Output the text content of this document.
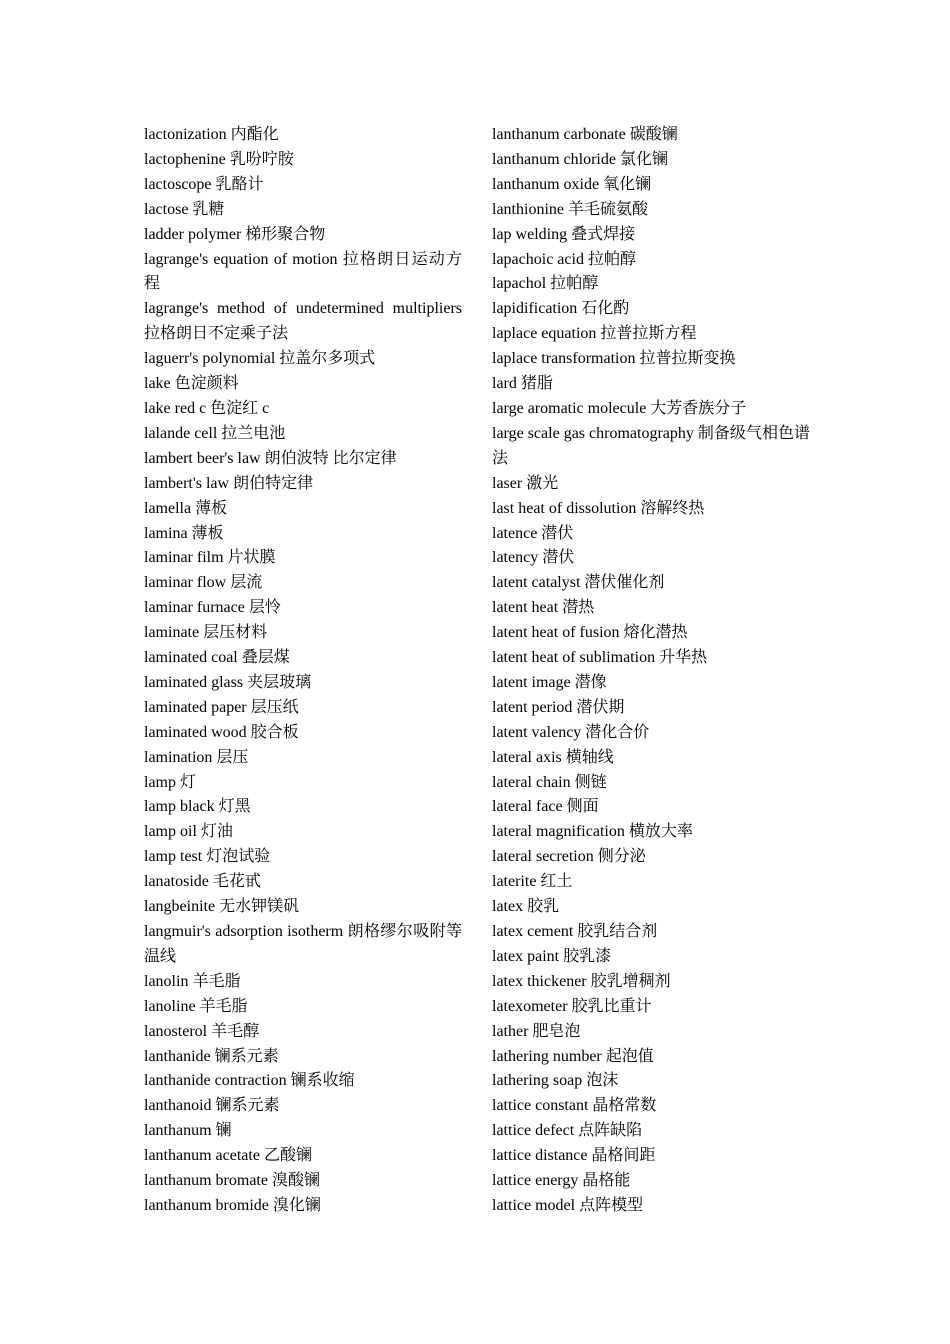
lactonization 内酯化
lactophenine 乳吩咛胺
lactoscope 乳酪计
lactose 乳糖
ladder polymer 梯形聚合物
lagrange's equation of motion 拉格朗日运动方程
lagrange's method of undetermined multipliers 拉格朗日不定乘子法
laguerr's polynomial 拉盖尔多项式
lake 色淀颜料
lake red c 色淀红 c
lalande cell 拉兰电池
lambert beer's law 朗伯波特 比尔定律
lambert's law 朗伯特定律
lamella 薄板
lamina 薄板
laminar film 片状膜
laminar flow 层流
laminar furnace 层怜
laminate 层压材料
laminated coal 叠层煤
laminated glass 夹层玻璃
laminated paper 层压纸
laminated wood 胶合板
lamination 层压
lamp 灯
lamp black 灯黑
lamp oil 灯油
lamp test 灯泡试验
lanatoside 毛花甙
langbeinite 无水钾镁矾
langmuir's adsorption isotherm 朗格缪尔吸附等温线
lanolin 羊毛脂
lanoline 羊毛脂
lanosterol 羊毛醇
lanthanide 镧系元素
lanthanide contraction 镧系收缩
lanthanoid 镧系元素
lanthanum 镧
lanthanum acetate 乙酸镧
lanthanum bromate 溴酸镧
lanthanum bromide 溴化镧
lanthanum carbonate 碳酸镧
lanthanum chloride 氯化镧
lanthanum oxide 氧化镧
lanthionine 羊毛硫氨酸
lap welding 叠式焊接
lapachoic acid 拉帕醇
lapachol 拉帕醇
lapidification 石化酌
laplace equation 拉普拉斯方程
laplace transformation 拉普拉斯变换
lard 猪脂
large aromatic molecule 大芳香族分子
large scale gas chromatography 制备级气相色谱法
laser 激光
last heat of dissolution 溶解终热
latence 潜伏
latency 潜伏
latent catalyst 潜伏催化剂
latent heat 潜热
latent heat of fusion 熔化潜热
latent heat of sublimation 升华热
latent image 潜像
latent period 潜伏期
latent valency 潜化合价
lateral axis 横轴线
lateral chain 侧链
lateral face 侧面
lateral magnification 横放大率
lateral secretion 侧分泌
laterite 红土
latex 胶乳
latex cement 胶乳结合剂
latex paint 胶乳漆
latex thickener 胶乳增稠剂
latexometer 胶乳比重计
lather 肥皂泡
lathering number 起泡值
lathering soap 泡沫
lattice constant 晶格常数
lattice defect 点阵缺陷
lattice distance 晶格间距
lattice energy 晶格能
lattice model 点阵模型
